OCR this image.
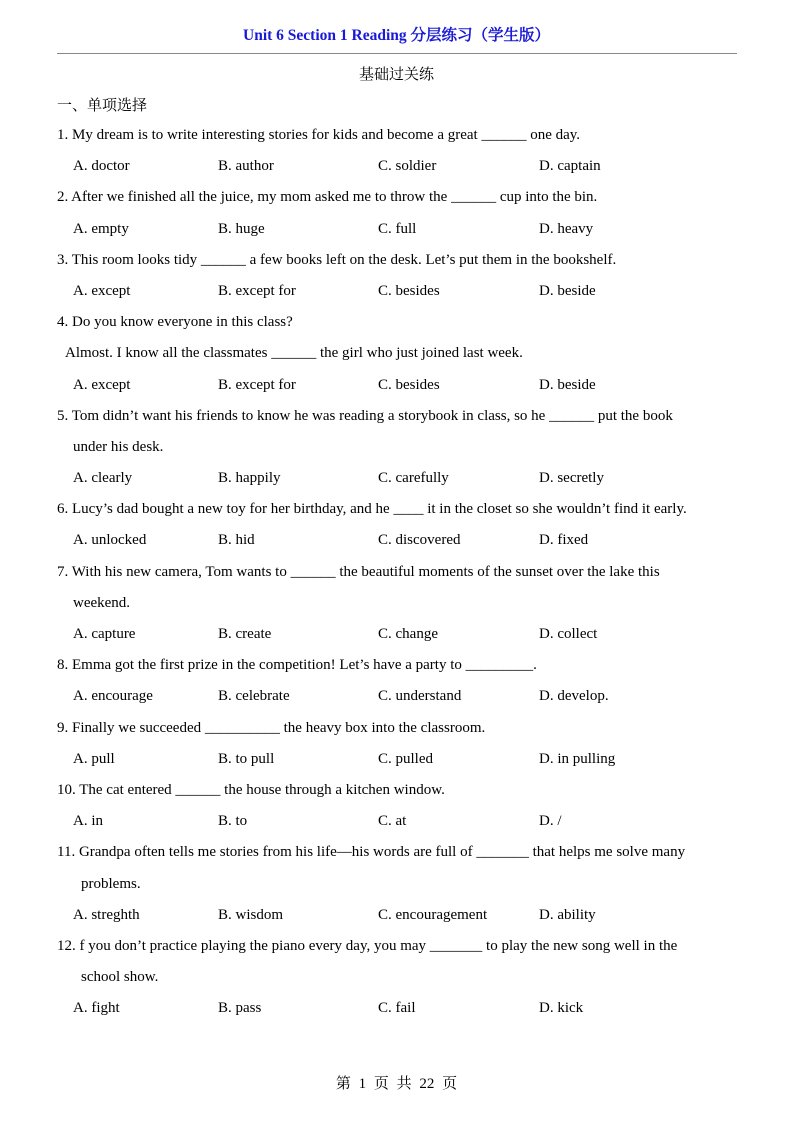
Unit 6 Section 1 Reading 分层练习（学生版）
基础过关练
一、单项选择
1. My dream is to write interesting stories for kids and become a great ______ one day.
A. doctor	B. author	C. soldier	D. captain
2. After we finished all the juice, my mom asked me to throw the ______ cup into the bin.
A. empty	B. huge	C. full	D. heavy
3. This room looks tidy ______ a few books left on the desk. Let’s put them in the bookshelf.
A. except	B. except for	C. besides	D. beside
4. Do you know everyone in this class?
Almost. I know all the classmates ______ the girl who just joined last week.
A. except	B. except for	C. besides	D. beside
5. Tom didn’t want his friends to know he was reading a storybook in class, so he ______ put the book
under his desk.
A. clearly	B. happily	C. carefully	D. secretly
6. Lucy’s dad bought a new toy for her birthday, and he ____ it in the closet so she wouldn’t find it early.
A. unlocked	B. hid	C. discovered	D. fixed
7. With his new camera, Tom wants to ______ the beautiful moments of the sunset over the lake this
weekend.
A. capture	B. create	C. change	D. collect
8. Emma got the first prize in the competition! Let’s have a party to _________.
A. encourage	B. celebrate	C. understand	D. develop.
9. Finally we succeeded __________ the heavy box into the classroom.
A. pull	B. to pull	C. pulled	D. in pulling
10. The cat entered ______ the house through a kitchen window.
A. in	B. to	C. at	D. /
11. Grandpa often tells me stories from his life—his words are full of _______ that helps me solve many
problems.
A. streghth	B. wisdom	C. encouragement	D. ability
12. f you don’t practice playing the piano every day, you may _______ to play the new song well in the
school show.
A. fight	B. pass	C. fail	D. kick
第 1 页 共 22 页
